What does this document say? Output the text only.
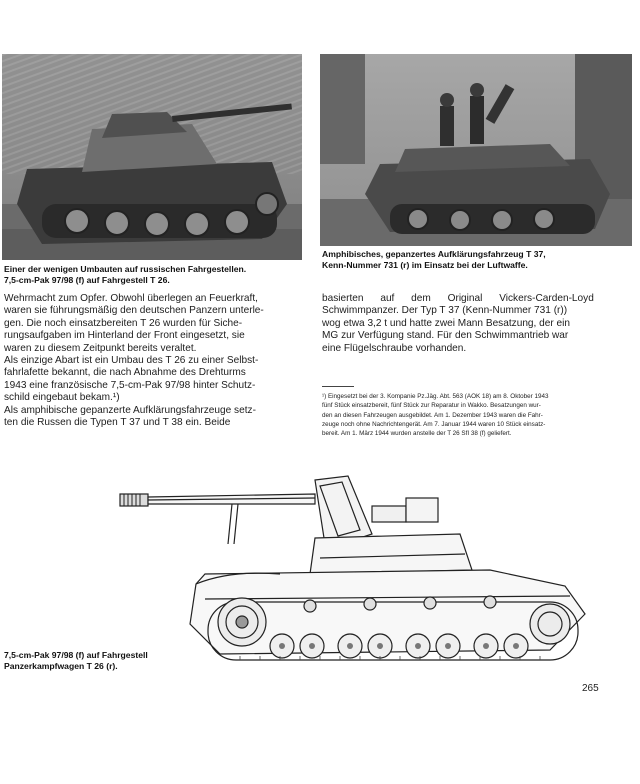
Einer der wenigen Umbauten auf russischen Fahrgestellen.
7,5-cm-Pak 97/98 (f) auf Fahrgestell T 26.
Amphibisches, gepanzertes Aufklärungsfahrzeug T 37,
Kenn-Nummer 731 (r) im Einsatz bei der Luftwaffe.
Wehrmacht zum Opfer. Obwohl überlegen an Feuerkraft,
waren sie führungsmäßig den deutschen Panzern unterle-
gen. Die noch einsatzbereiten T 26 wurden für Siche-
rungsaufgaben im Hinterland der Front eingesetzt, sie
waren zu diesem Zeitpunkt bereits veraltet.
Als einzige Abart ist ein Umbau des T 26 zu einer Selbst-
fahrlafette bekannt, die nach Abnahme des Drehturms
1943 eine französische 7,5-cm-Pak 97/98 hinter Schutz-
schild eingebaut bekam.¹)
Als amphibische gepanzerte Aufklärungsfahrzeuge setz-
ten die Russen die Typen T 37 und T 38 ein. Beide
basierten auf dem Original Vickers-Carden-Loyd
Schwimmpanzer. Der Typ T 37 (Kenn-Nummer 731 (r))
wog etwa 3,2 t und hatte zwei Mann Besatzung, der ein
MG zur Verfügung stand. Für den Schwimmantrieb war
eine Flügelschraube vorhanden.
¹) Eingesetzt bei der 3. Kompanie Pz.Jäg. Abt. 563 (AOK 18) am 8. Oktober 1943
fünf Stück einsatzbereit, fünf Stück zur Reparatur in Wakko. Besatzungen wur-
den an diesen Fahrzeugen ausgebildet. Am 1. Dezember 1943 waren die Fahr-
zeuge noch ohne Nachrichtengerät. Am 7. Januar 1944 waren 10 Stück einsatz-
bereit. Am 1. März 1944 wurden anstelle der T 26 SfI 38 (f) geliefert.
7,5-cm-Pak 97/98 (f) auf Fahrgestell
Panzerkampfwagen T 26 (r).
265
